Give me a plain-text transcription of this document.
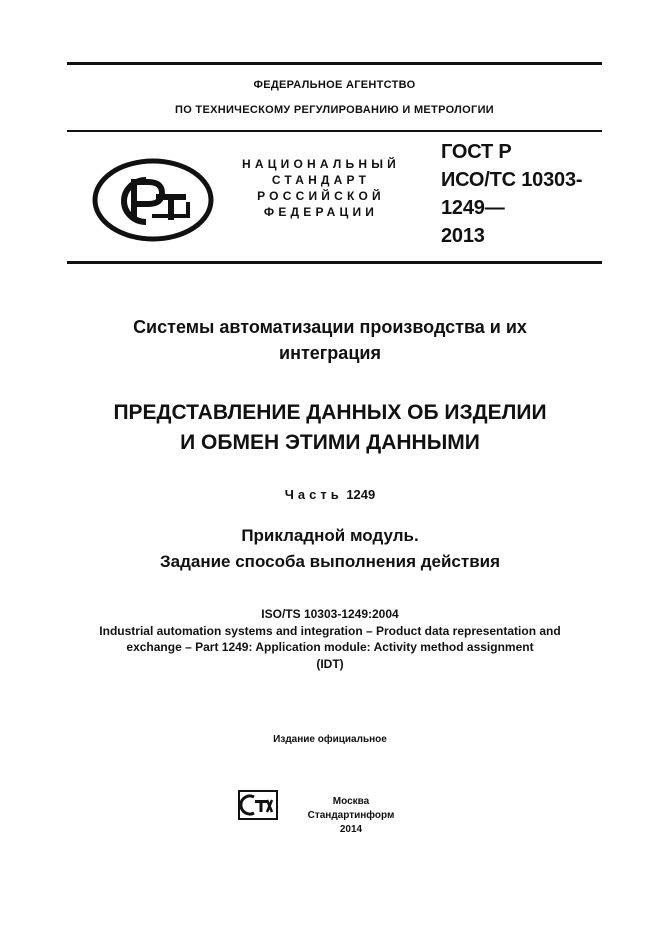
ФЕДЕРАЛЬНОЕ АГЕНТСТВО
ПО ТЕХНИЧЕСКОМУ РЕГУЛИРОВАНИЮ И МЕТРОЛОГИИ
НАЦИОНАЛЬНЫЙ
СТАНДАРТ
РОССИЙСКОЙ
ФЕДЕРАЦИИ
ГОСТ Р
ИСО/ТС 10303-
1249—
2013
Системы автоматизации производства и их
интеграция
ПРЕДСТАВЛЕНИЕ ДАННЫХ ОБ ИЗДЕЛИИ
И ОБМЕН ЭТИМИ ДАННЫМИ
Часть 1249
Прикладной модуль.
Задание способа выполнения действия
ISO/TS 10303-1249:2004
Industrial automation systems and integration – Product data representation and
exchange – Part 1249: Application module: Activity method assignment
(IDT)
Издание официальное
Москва
Стандартинформ
2014
